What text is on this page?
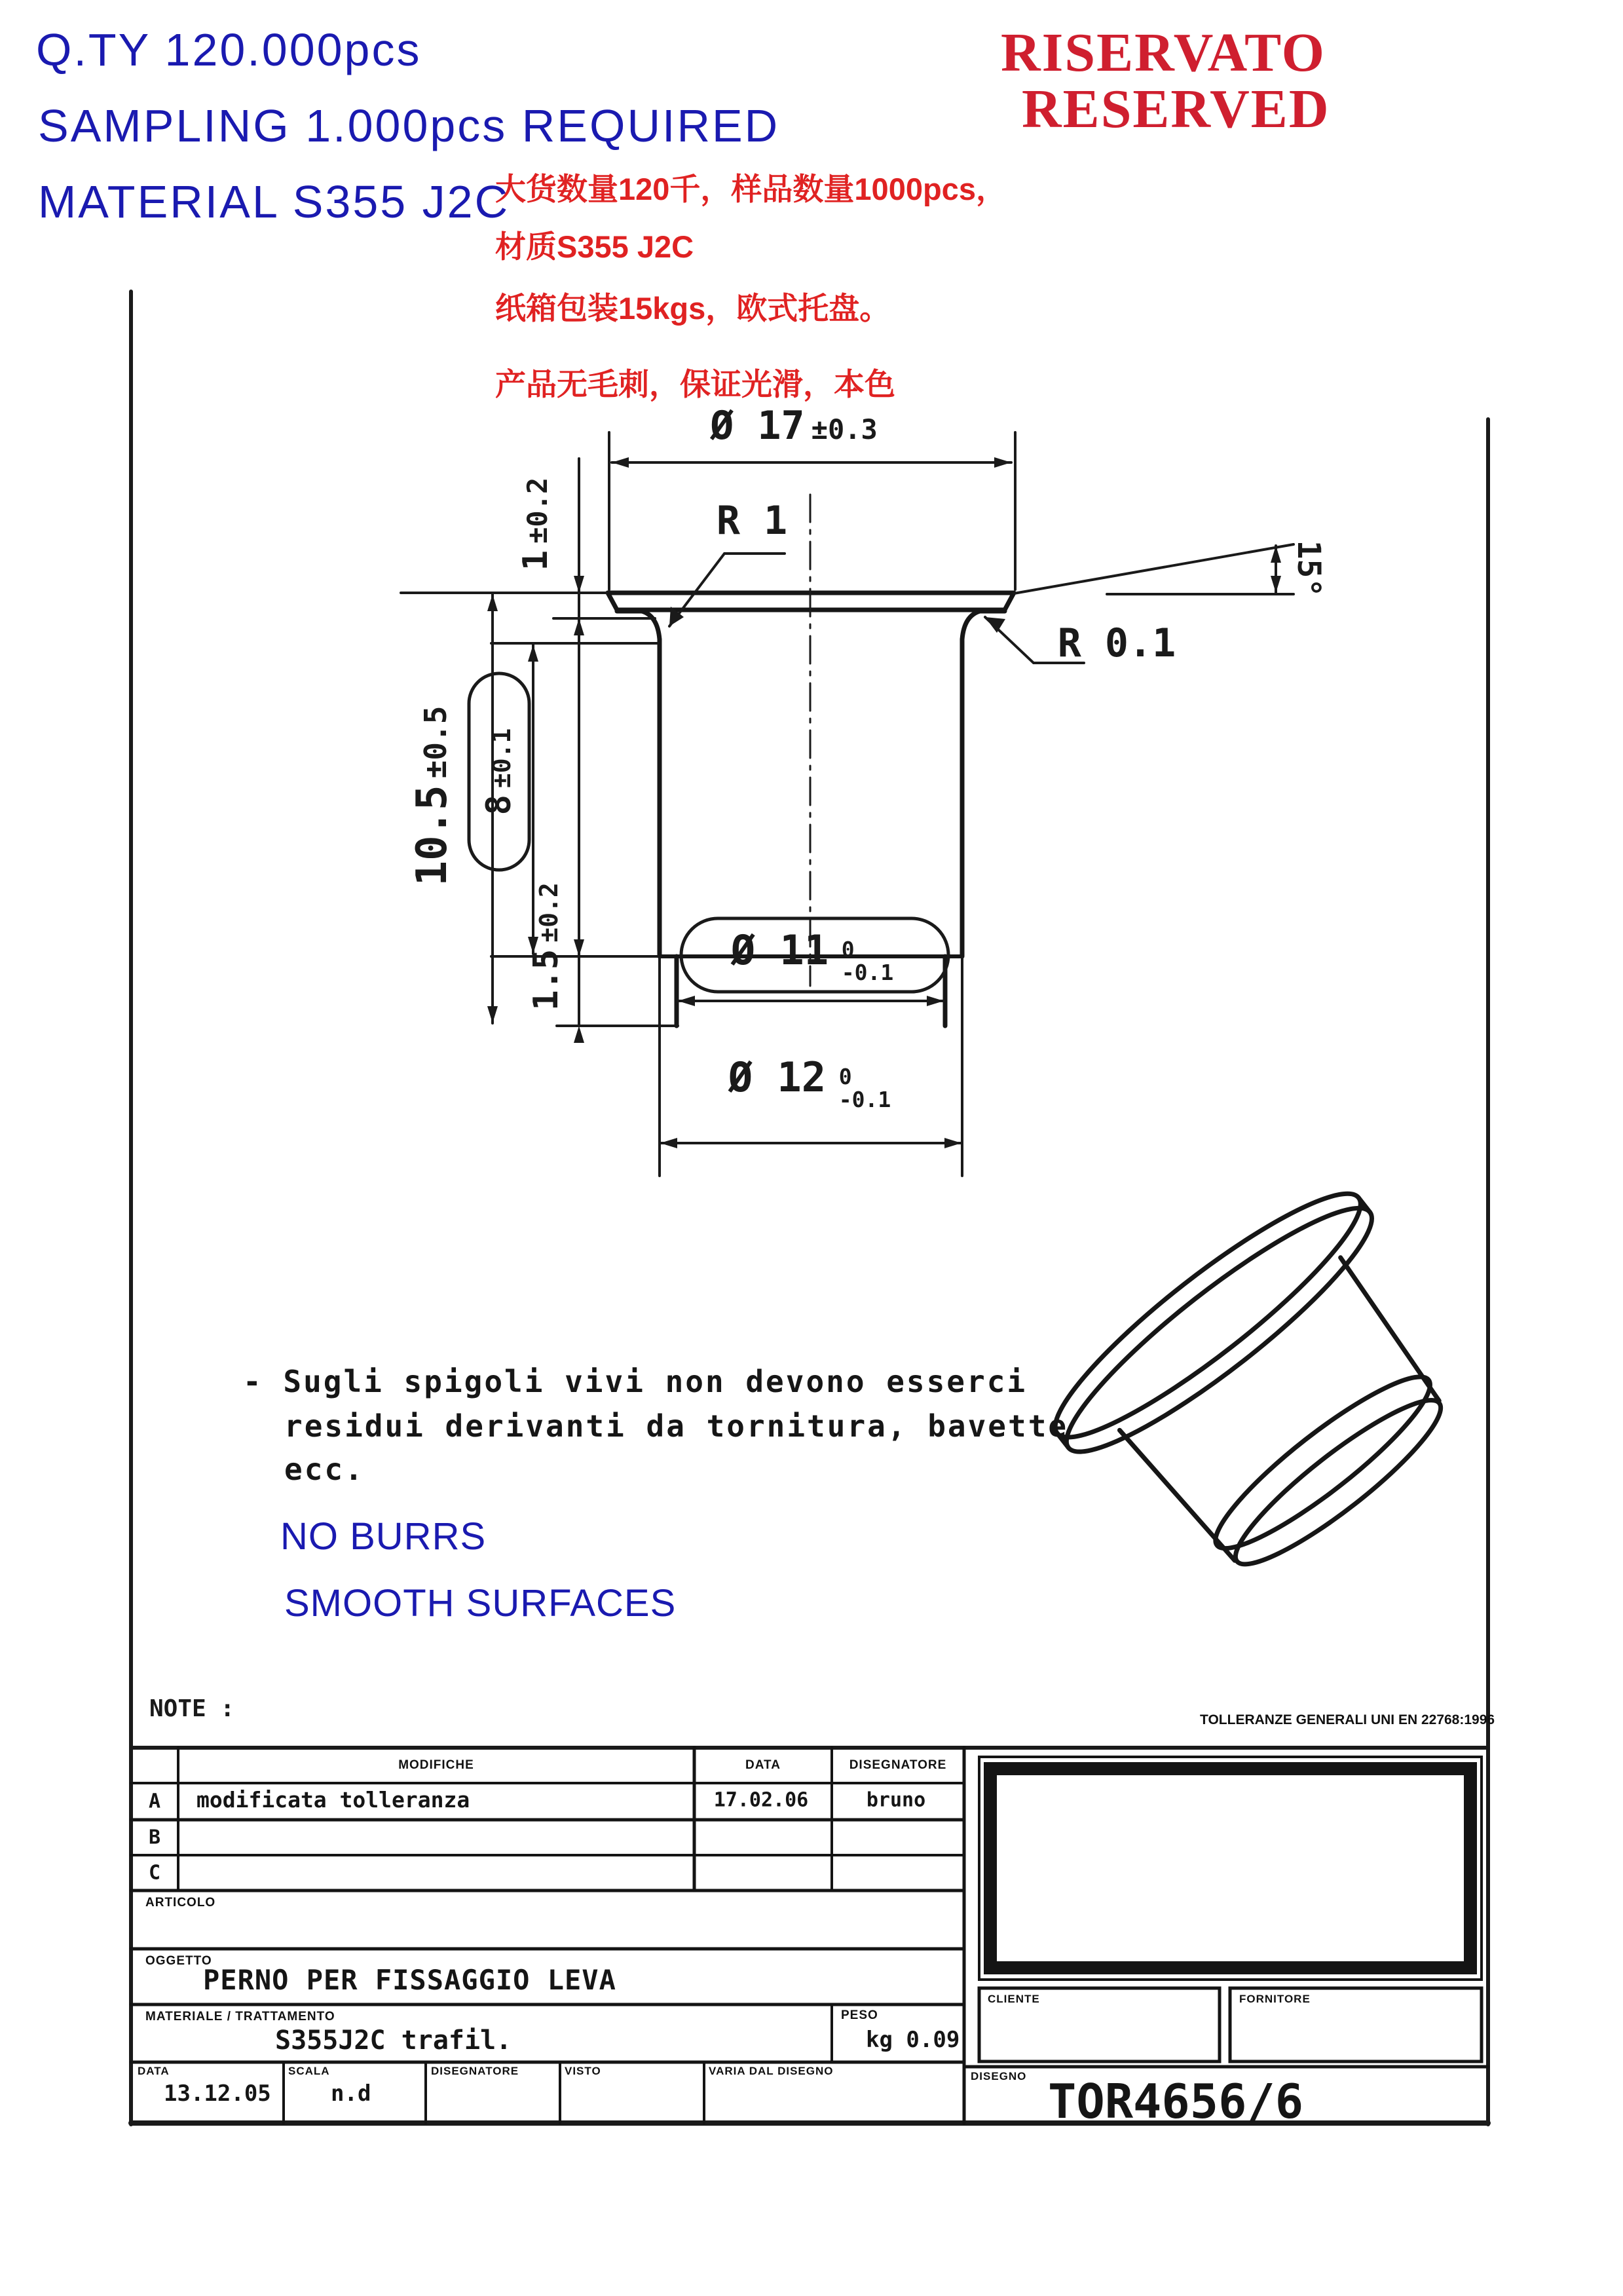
Q.TY 120.000pcs
SAMPLING 1.000pcs REQUIRED
MATERIAL S355 J2C
RISERVATO
RESERVED
大货数量120千，样品数量1000pcs，
材质S355 J2C
纸箱包装15kgs，欧式托盘。
产品无毛刺，保证光滑，本色
Ø 17 ±0.3
R 1
R 0.1
15°
1±0.2
10.5±0.5
8±0.1
1.5±0.2
Ø 11 0
-0.1
Ø 12 0
-0.1
- Sugli spigoli vivi non devono esserci
residui derivanti da tornitura, bavette
ecc.
NO BURRS
SMOOTH SURFACES
NOTE :	TOLLERANZE GENERALI UNI EN 22768:1996
MODIFICHE	DATA	DISEGNATORE
A modificata tolleranza	17.02.06	bruno
B
C
ARTICOLO
OGGETTO
PERNO PER FISSAGGIO LEVA
MATERIALE / TRATTAMENTO
S355J2C trafil.
PESO
kg 0.09
DATA
13.12.05
SCALA
n.d
DISEGNATORE	VISTO	VARIA DAL DISEGNO
CLIENTE	FORNITORE
DISEGNO TOR4656/6
